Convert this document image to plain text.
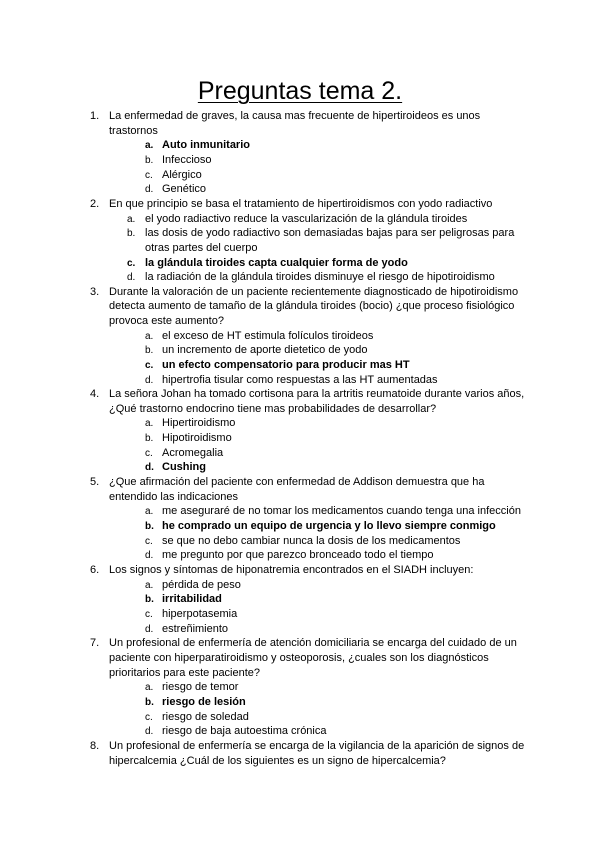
Preguntas tema 2.
1. La enfermedad de graves, la causa mas frecuente de hipertiroideos es unos
trastornos
a. Auto inmunitario
b. Infeccioso
c. Alérgico
d. Genético
2. En que principio se basa el tratamiento de hipertiroidismos con yodo radiactivo
a. el yodo radiactivo reduce la vascularización de la glándula tiroides
b. las dosis de yodo radiactivo son demasiadas bajas para ser peligrosas para
otras partes del cuerpo
c. la glándula tiroides capta cualquier forma de yodo
d. la radiación de la glándula tiroides disminuye el riesgo de hipotiroidismo
3. Durante la valoración de un paciente recientemente diagnosticado de hipotiroidismo
detecta aumento de tamaño de la glándula tiroides (bocio) ¿que proceso fisiológico
provoca este aumento?
a. el exceso de HT estimula folículos tiroideos
b. un incremento de aporte dietetico de yodo
c. un efecto compensatorio para producir mas HT
d. hipertrofia tisular como respuestas a las HT aumentadas
4. La señora Johan ha tomado cortisona para la artritis reumatoide durante varios años,
¿Qué trastorno endocrino tiene mas probabilidades de desarrollar?
a. Hipertiroidismo
b. Hipotiroidismo
c. Acromegalia
d. Cushing
5. ¿Que afirmación del paciente con enfermedad de Addison demuestra que ha
entendido las indicaciones
a. me aseguraré de no tomar los medicamentos cuando tenga una infección
b. he comprado un equipo de urgencia y lo llevo siempre conmigo
c. se que no debo cambiar nunca la dosis de los medicamentos
d. me pregunto por que parezco bronceado todo el tiempo
6. Los signos y síntomas de hiponatremia encontrados en el SIADH incluyen:
a. pérdida de peso
b. irritabilidad
c. hiperpotasemia
d. estreñimiento
7. Un profesional de enfermería de atención domiciliaria se encarga del cuidado de un
paciente con hiperparatiroidismo y osteoporosis, ¿cuales son los diagnósticos
prioritarios para este paciente?
a. riesgo de temor
b. riesgo de lesión
c. riesgo de soledad
d. riesgo de baja autoestima crónica
8. Un profesional de enfermería se encarga de la vigilancia de la aparición de signos de
hipercalcemia ¿Cuál de los siguientes es un signo de hipercalcemia?
